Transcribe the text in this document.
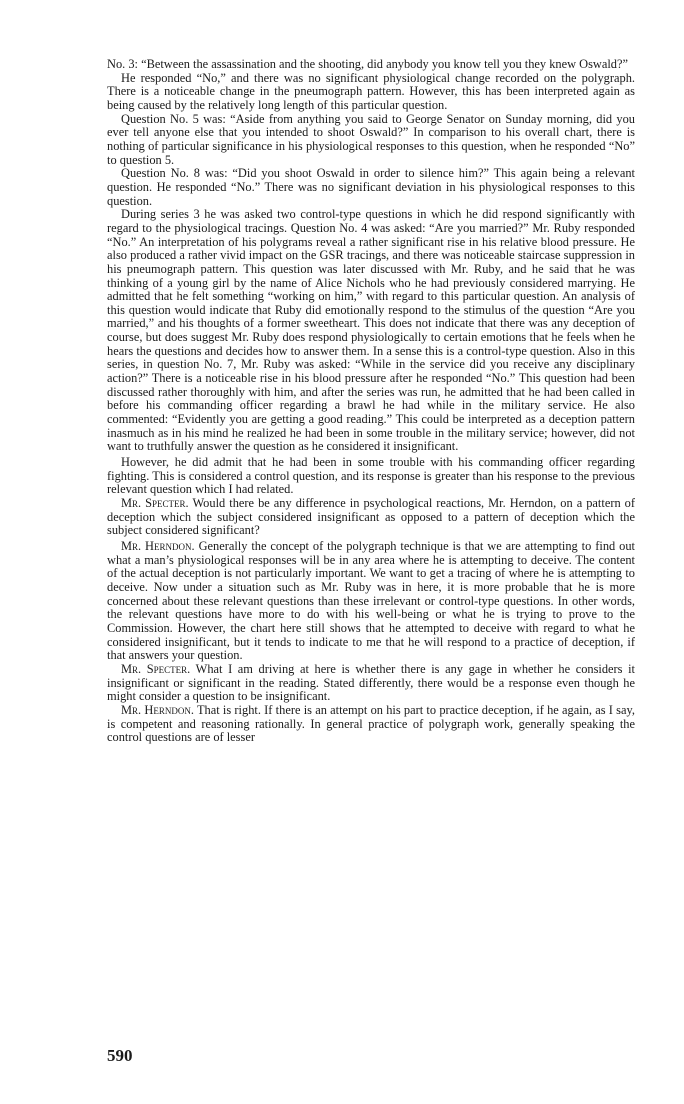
No. 3: “Between the assassination and the shooting, did anybody you know tell you they knew Oswald?”

He responded “No,” and there was no significant physiological change recorded on the polygraph. There is a noticeable change in the pneumograph pattern. However, this has been interpreted again as being caused by the relatively long length of this particular question.

Question No. 5 was: “Aside from anything you said to George Senator on Sunday morning, did you ever tell anyone else that you intended to shoot Oswald?” In comparison to his overall chart, there is nothing of particular significance in his physiological responses to this question, when he responded “No” to question 5.

Question No. 8 was: “Did you shoot Oswald in order to silence him?” This again being a relevant question. He responded “No.” There was no significant deviation in his physiological responses to this question.

During series 3 he was asked two control-type questions in which he did respond significantly with regard to the physiological tracings. Question No. 4 was asked: “Are you married?” Mr. Ruby responded “No.” An interpretation of his polygrams reveal a rather significant rise in his relative blood pressure. He also produced a rather vivid impact on the GSR tracings, and there was noticeable staircase suppression in his pneumograph pattern. This question was later discussed with Mr. Ruby, and he said that he was thinking of a young girl by the name of Alice Nichols who he had previously considered marrying. He admitted that he felt something “working on him,” with regard to this particular question. An analysis of this question would indicate that Ruby did emotionally respond to the stimulus of the question “Are you married,” and his thoughts of a former sweetheart. This does not indicate that there was any deception of course, but does suggest Mr. Ruby does respond physiologically to certain emotions that he feels when he hears the questions and decides how to answer them. In a sense this is a control-type question. Also in this series, in question No. 7, Mr. Ruby was asked: “While in the service did you receive any disciplinary action?” There is a noticeable rise in his blood pressure after he responded “No.” This question had been discussed rather thoroughly with him, and after the series was run, he admitted that he had been called in before his commanding officer regarding a brawl he had while in the military service. He also commented: “Evidently you are getting a good reading.” This could be interpreted as a deception pattern inasmuch as in his mind he realized he had been in some trouble in the military service; however, did not want to truthfully answer the question as he considered it insignificant.

However, he did admit that he had been in some trouble with his commanding officer regarding fighting. This is considered a control question, and its response is greater than his response to the previous relevant question which I had related.

Mr. Specter. Would there be any difference in psychological reactions, Mr. Herndon, on a pattern of deception which the subject considered insignificant as opposed to a pattern of deception which the subject considered significant?

Mr. Herndon. Generally the concept of the polygraph technique is that we are attempting to find out what a man’s physiological responses will be in any area where he is attempting to deceive. The content of the actual deception is not particularly important. We want to get a tracing of where he is attempting to deceive. Now under a situation such as Mr. Ruby was in here, it is more probable that he is more concerned about these relevant questions than these irrelevant or control-type questions. In other words, the relevant questions have more to do with his well-being or what he is trying to prove to the Commission. However, the chart here still shows that he attempted to deceive with regard to what he considered insignificant, but it tends to indicate to me that he will respond to a practice of deception, if that answers your question.

Mr. Specter. What I am driving at here is whether there is any gage in whether he considers it insignificant or significant in the reading. Stated differently, there would be a response even though he might consider a question to be insignificant.

Mr. Herndon. That is right. If there is an attempt on his part to practice deception, if he again, as I say, is competent and reasoning rationally. In general practice of polygraph work, generally speaking the control questions are of lesser

590
